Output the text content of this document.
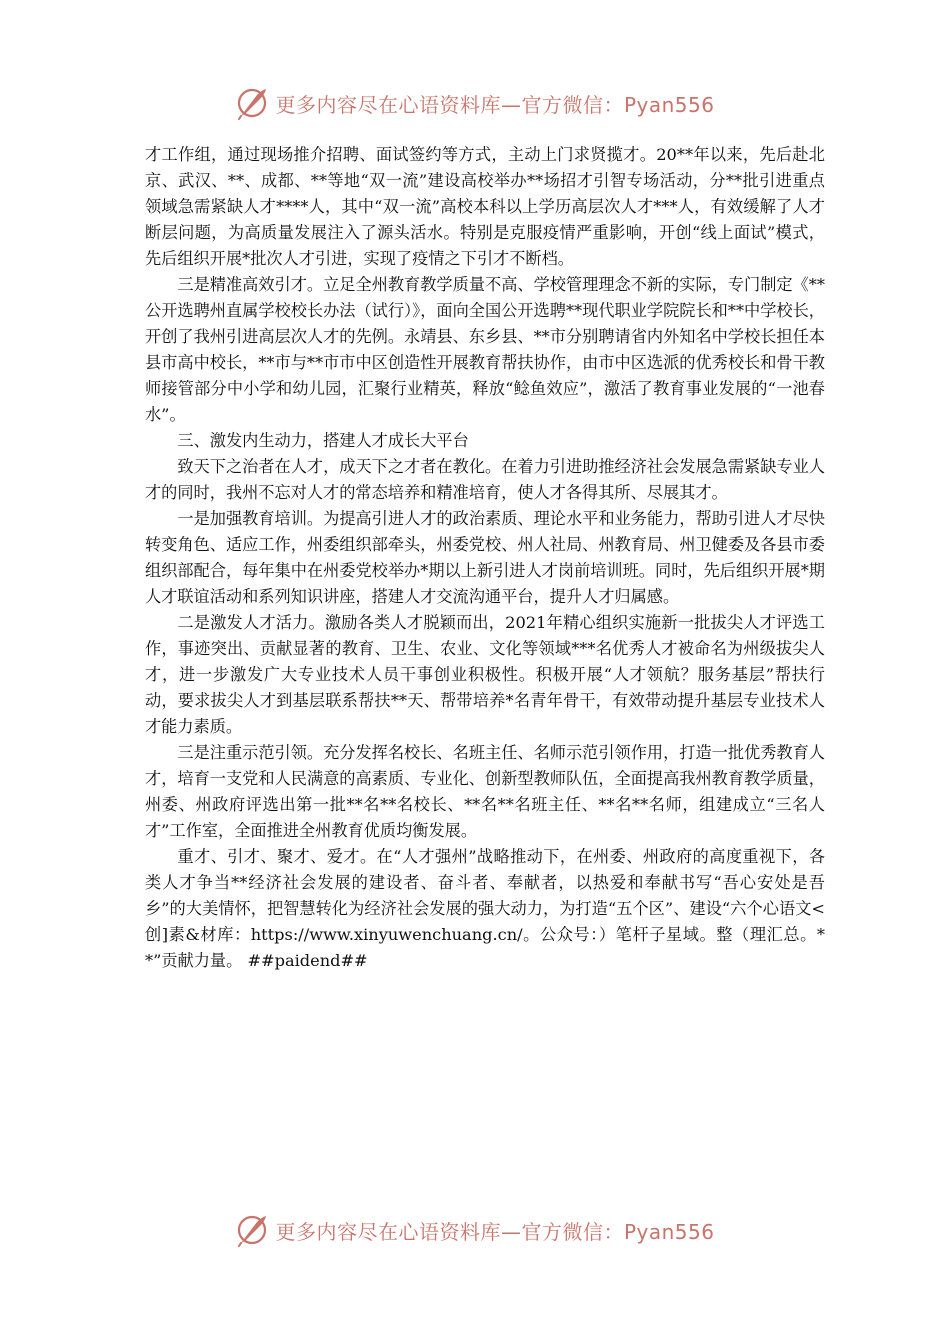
更多内容尽在心语资料库—官方微信：Pyan556

才工作组，通过现场推介招聘、面试签约等方式，主动上门求贤揽才。20**年以来，先后赴北京、武汉、**、成都、**等地“双一流”建设高校举办**场招才引智专场活动，分**批引进重点领域急需紧缺人才****人，其中“双一流”高校本科以上学历高层次人才***人，有效缓解了人才断层问题，为高质量发展注入了源头活水。特别是克服疫情严重影响，开创“线上面试”模式，先后组织开展*批次人才引进，实现了疫情之下引才不断档。

三是精准高效引才。立足全州教育教学质量不高、学校管理理念不新的实际，专门制定《**公开选聘州直属学校校长办法（试行）》，面向全国公开选聘**现代职业学院院长和**中学校长，开创了我州引进高层次人才的先例。永靖县、东乡县、**市分别聘请省内外知名中学校长担任本县市高中校长，**市与**市市中区创造性开展教育帮扶协作，由市中区选派的优秀校长和骨干教师接管部分中小学和幼儿园，汇聚行业精英，释放“鲶鱼效应”，激活了教育事业发展的“一池春水”。

三、激发内生动力，搭建人才成长大平台

致天下之治者在人才，成天下之才者在教化。在着力引进助推经济社会发展急需紧缺专业人才的同时，我州不忘对人才的常态培养和精准培育，使人才各得其所、尽展其才。

一是加强教育培训。为提高引进人才的政治素质、理论水平和业务能力，帮助引进人才尽快转变角色、适应工作，州委组织部牵头，州委党校、州人社局、州教育局、州卫健委及各县市委组织部配合，每年集中在州委党校举办*期以上新引进人才岗前培训班。同时，先后组织开展*期人才联谊活动和系列知识讲座，搭建人才交流沟通平台，提升人才归属感。

二是激发人才活力。激励各类人才脱颖而出，2021年精心组织实施新一批拔尖人才评选工作，事迹突出、贡献显著的教育、卫生、农业、文化等领域***名优秀人才被命名为州级拔尖人才，进一步激发广大专业技术人员干事创业积极性。积极开展“人才领航？服务基层”帮扶行动，要求拔尖人才到基层联系帮扶**天、帮带培养*名青年骨干，有效带动提升基层专业技术人才能力素质。

三是注重示范引领。充分发挥名校长、名班主任、名师示范引领作用，打造一批优秀教育人才，培育一支党和人民满意的高素质、专业化、创新型教师队伍，全面提高我州教育教学质量，州委、州政府评选出第一批**名**名校长、**名**名班主任、**名**名师，组建成立“三名人才”工作室，全面推进全州教育优质均衡发展。

重才、引才、聚才、爱才。在“人才强州”战略推动下，在州委、州政府的高度重视下，各类人才争当**经济社会发展的建设者、奋斗者、奉献者，以热爱和奉献书写“吾心安处是吾乡”的大美情怀，把智慧转化为经济社会发展的强大动力，为打造“五个区”、建设“六个心语文<创]素&材库：https://www.xinyuwenchuang.cn/。公众号：）笔杆子星域。整（理汇总。**”贡献力量。 ##paidend##

更多内容尽在心语资料库—官方微信：Pyan556
